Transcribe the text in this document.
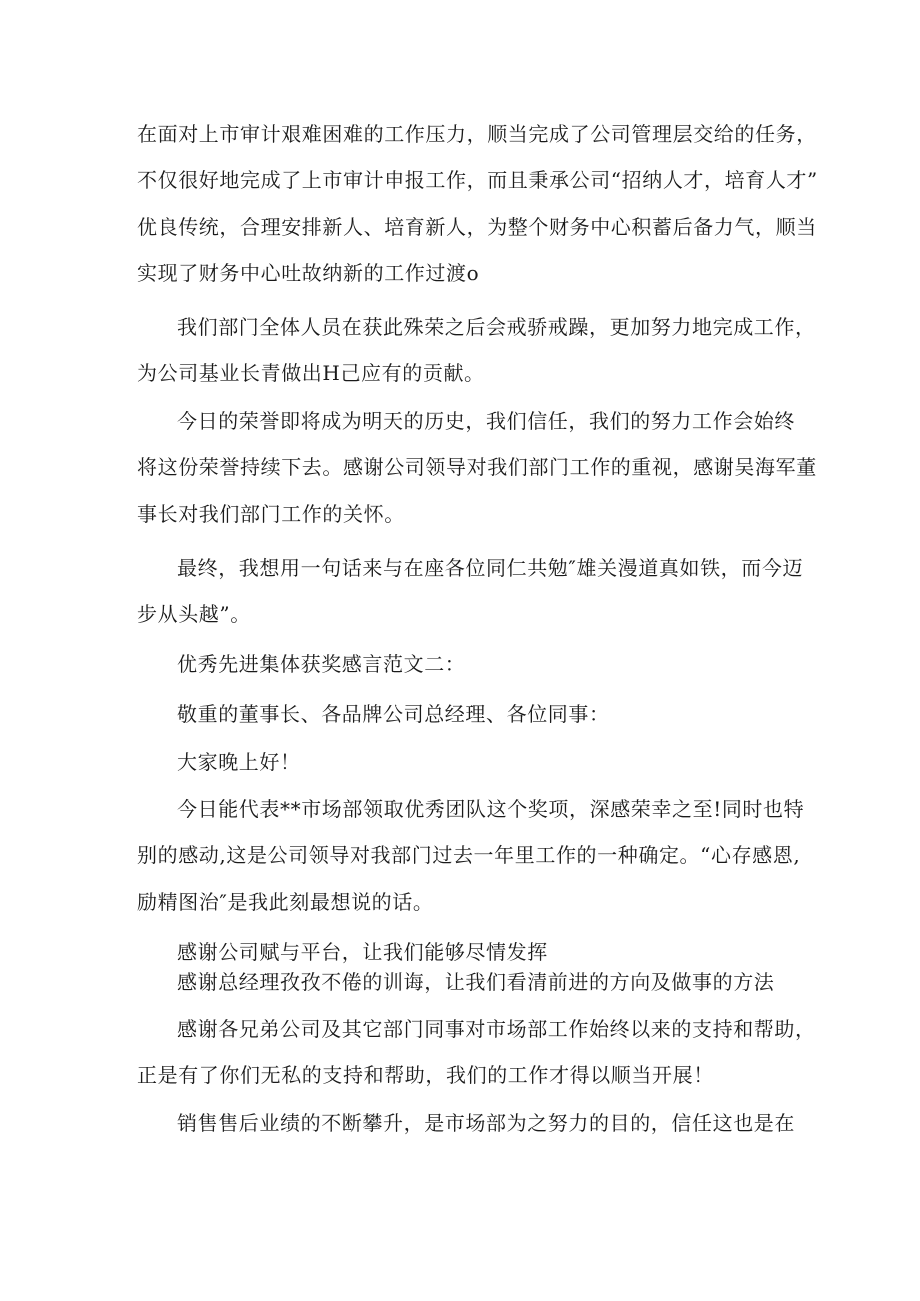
在面对上市审计艰难困难的工作压力，顺当完成了公司管理层交给的任务，

不仅很好地完成了上市审计申报工作，而且秉承公司“招纳人才，培育人才”

优良传统，合理安排新人、培育新人，为整个财务中心积蓄后备力气，顺当

实现了财务中心吐故纳新的工作过渡o

我们部门全体人员在获此殊荣之后会戒骄戒躁，更加努力地完成工作，

为公司基业长青做出H己应有的贡献。

今日的荣誉即将成为明天的历史，我们信任，我们的努力工作会始终

将这份荣誉持续下去。感谢公司领导对我们部门工作的重视，感谢吴海军董

事长对我们部门工作的关怀。

最终，我想用一句话来与在座各位同仁共勉″雄关漫道真如铁，而今迈

步从头越”。

优秀先进集体获奖感言范文二：

敬重的董事长、各品牌公司总经理、各位同事：

大家晚上好！

今日能代表**市场部领取优秀团队这个奖项，深感荣幸之至!同时也特

别的感动,这是公司领导对我部门过去一年里工作的一种确定。“心存感恩,

励精图治″是我此刻最想说的话。

感谢公司赋与平台，让我们能够尽情发挥

感谢总经理孜孜不倦的训诲，让我们看清前进的方向及做事的方法

感谢各兄弟公司及其它部门同事对市场部工作始终以来的支持和帮助，

正是有了你们无私的支持和帮助，我们的工作才得以顺当开展！

销售售后业绩的不断攀升，是市场部为之努力的目的，信任这也是在
